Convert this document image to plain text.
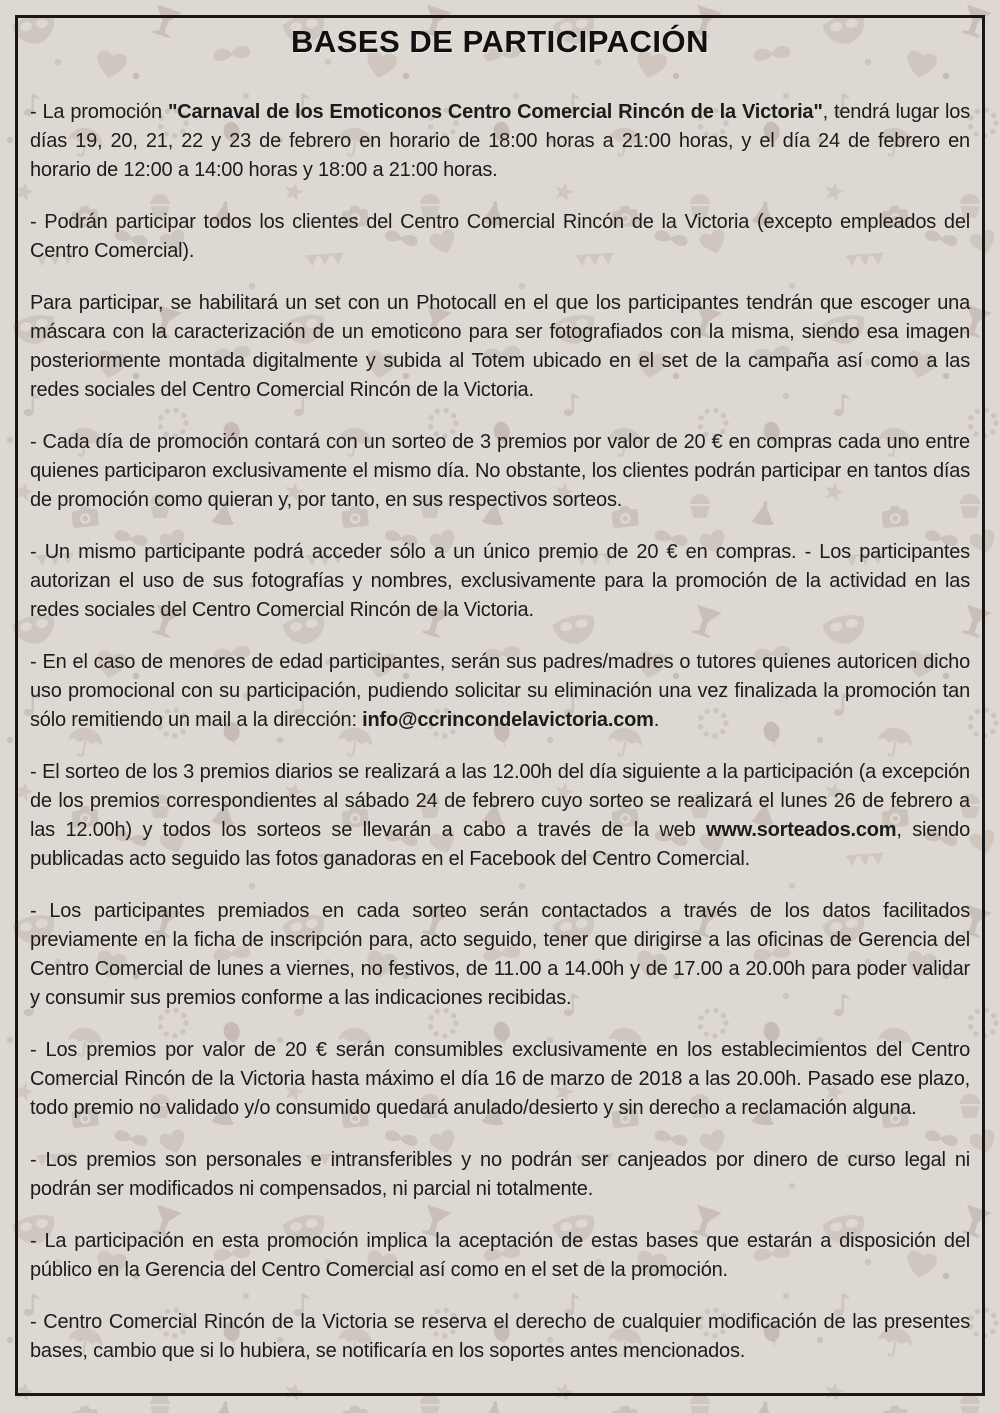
BASES DE PARTICIPACIÓN

- La promoción "Carnaval de los Emoticonos Centro Comercial Rincón de la Victoria", tendrá lugar los días 19, 20, 21, 22 y 23 de febrero en horario de 18:00 horas a 21:00 horas, y el día 24 de febrero en horario de 12:00 a 14:00 horas y 18:00 a 21:00 horas.

- Podrán participar todos los clientes del Centro Comercial Rincón de la Victoria (excepto empleados del Centro Comercial).

Para participar, se habilitará un set con un Photocall en el que los participantes tendrán que escoger una máscara con la caracterización de un emoticono para ser fotografiados con la misma, siendo esa imagen posteriormente montada digitalmente y subida al Totem ubicado en el set de la campaña así como a las redes sociales del Centro Comercial Rincón de la Victoria.

- Cada día de promoción contará con un sorteo de 3 premios por valor de 20 € en compras cada uno entre quienes participaron exclusivamente el mismo día. No obstante, los clientes podrán participar en tantos días de promoción como quieran y, por tanto, en sus respectivos sorteos.

- Un mismo participante podrá acceder sólo a un único premio de 20 € en compras. - Los participantes autorizan el uso de sus fotografías y nombres, exclusivamente para la promoción de la actividad en las redes sociales del Centro Comercial Rincón de la Victoria.

- En el caso de menores de edad participantes, serán sus padres/madres o tutores quienes autoricen dicho uso promocional con su participación, pudiendo solicitar su eliminación una vez finalizada la promoción tan sólo remitiendo un mail a la dirección: info@ccrincondelavictoria.com.

- El sorteo de los 3 premios diarios se realizará a las 12.00h del día siguiente a la participación (a excepción de los premios correspondientes al sábado 24 de febrero cuyo sorteo se realizará el lunes 26 de febrero a las 12.00h) y todos los sorteos se llevarán a cabo a través de la web www.sorteados.com, siendo publicadas acto seguido las fotos ganadoras en el Facebook del Centro Comercial.

- Los participantes premiados en cada sorteo serán contactados a través de los datos facilitados previamente en la ficha de inscripción para, acto seguido, tener que dirigirse a las oficinas de Gerencia del Centro Comercial de lunes a viernes, no festivos, de 11.00 a 14.00h y de 17.00 a 20.00h para poder validar y consumir sus premios conforme a las indicaciones recibidas.

- Los premios por valor de 20 € serán consumibles exclusivamente en los establecimientos del Centro Comercial Rincón de la Victoria hasta máximo el día 16 de marzo de 2018 a las 20.00h. Pasado ese plazo, todo premio no validado y/o consumido quedará anulado/desierto y sin derecho a reclamación alguna.

- Los premios son personales e intransferibles y no podrán ser canjeados por dinero de curso legal ni podrán ser modificados ni compensados, ni parcial ni totalmente.

- La participación en esta promoción implica la aceptación de estas bases que estarán a disposición del público en la Gerencia del Centro Comercial así como en el set de la promoción.

- Centro Comercial Rincón de la Victoria se reserva el derecho de cualquier modificación de las presentes bases, cambio que si lo hubiera, se notificaría en los soportes antes mencionados.
